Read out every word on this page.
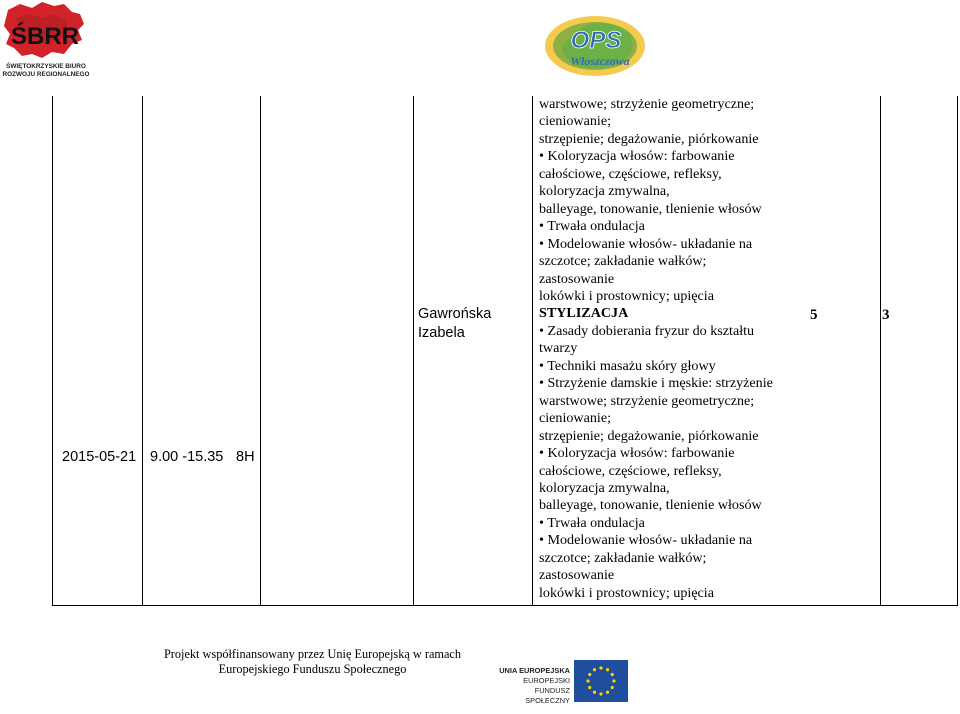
ŚBRR
ŚWIĘTOKRZYSKIE BIURO
ROZWOJU REGIONALNEGO
OPS
Włoszczowa
2015-05-21 9.00 -15.35 8H
Gawrońska
Izabela
5	3
warstwowe; strzyżenie geometryczne;
cieniowanie;
strzępienie; degażowanie, piórkowanie
• Koloryzacja włosów: farbowanie
całościowe, częściowe, refleksy,
koloryzacja zmywalna,
balleyage, tonowanie, tlenienie włosów
• Trwała ondulacja
• Modelowanie włosów- układanie na
szczotce; zakładanie wałków;
zastosowanie
lokówki i prostownicy; upięcia
STYLIZACJA
• Zasady dobierania fryzur do kształtu
twarzy
• Techniki masażu skóry głowy
• Strzyżenie damskie i męskie: strzyżenie
warstwowe; strzyżenie geometryczne;
cieniowanie;
strzępienie; degażowanie, piórkowanie
• Koloryzacja włosów: farbowanie
całościowe, częściowe, refleksy,
koloryzacja zmywalna,
balleyage, tonowanie, tlenienie włosów
• Trwała ondulacja
• Modelowanie włosów- układanie na
szczotce; zakładanie wałków;
zastosowanie
lokówki i prostownicy; upięcia
Projekt współfinansowany przez Unię Europejską w ramach
Europejskiego Funduszu Społecznego	UNIA EUROPEJSKA
EUROPEJSKI
FUNDUSZ SPOŁECZNY
